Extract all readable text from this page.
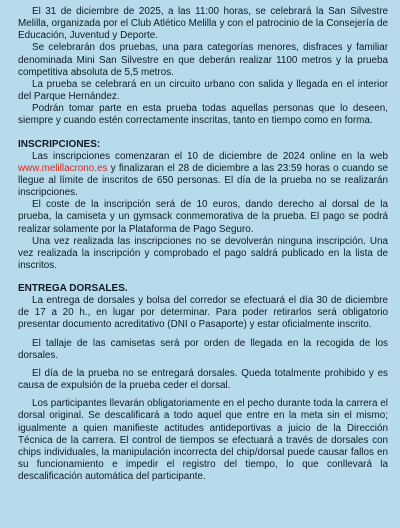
El 31 de diciembre de 2025, a las 11:00 horas, se celebrará la San Silvestre Melilla, organizada por el Club Atlético Melilla y con el patrocinio de la Consejería de Educación, Juventud y Deporte.

Se celebrarán dos pruebas, una para categorías menores, disfraces y familiar denominada Mini San Silvestre en que deberán realizar 1100 metros y la prueba competitiva absoluta de 5,5 metros.

La prueba se celebrará en un circuito urbano con salida y llegada en el interior del Parque Hernández.

Podrán tomar parte en esta prueba todas aquellas personas que lo deseen, siempre y cuando estén correctamente inscritas, tanto en tiempo como en forma.

INSCRIPCIONES:

Las inscripciones comenzaran el 10 de diciembre de 2024 online en la web www.melillacrono.es y finalizaran el 28 de diciembre a las 23:59 horas o cuando se llegue al límite de inscritos de 650 personas. El día de la prueba no se realizarán inscripciones.

El coste de la inscripción será de 10 euros, dando derecho al dorsal de la prueba, la camiseta y un gymsack conmemorativa de la prueba. El pago se podrá realizar solamente por la Plataforma de Pago Seguro.

Una vez realizada las inscripciones no se devolverán ninguna inscripción. Una vez realizada la inscripción y comprobado el pago saldrá publicado en la lista de inscritos.

ENTREGA DORSALES.

La entrega de dorsales y bolsa del corredor se efectuará el día 30 de diciembre de 17 a 20 h., en lugar por determinar. Para poder retirarlos será obligatorio presentar documento acreditativo (DNI o Pasaporte) y estar oficialmente inscrito.

El tallaje de las camisetas será por orden de llegada en la recogida de los dorsales.

El día de la prueba no se entregará dorsales. Queda totalmente prohibido y es causa de expulsión de la prueba ceder el dorsal.

Los participantes llevarán obligatoriamente en el pecho durante toda la carrera el dorsal original. Se descalificará a todo aquel que entre en la meta sin el mismo; igualmente a quien manifieste actitudes antideportivas a juicio de la Dirección Técnica de la carrera. El control de tiempos se efectuará a través de dorsales con chips individuales, la manipulación incorrecta del chip/dorsal puede causar fallos en su funcionamiento e impedir el registro del tiempo, lo que conllevará la descalificación automática del participante.
